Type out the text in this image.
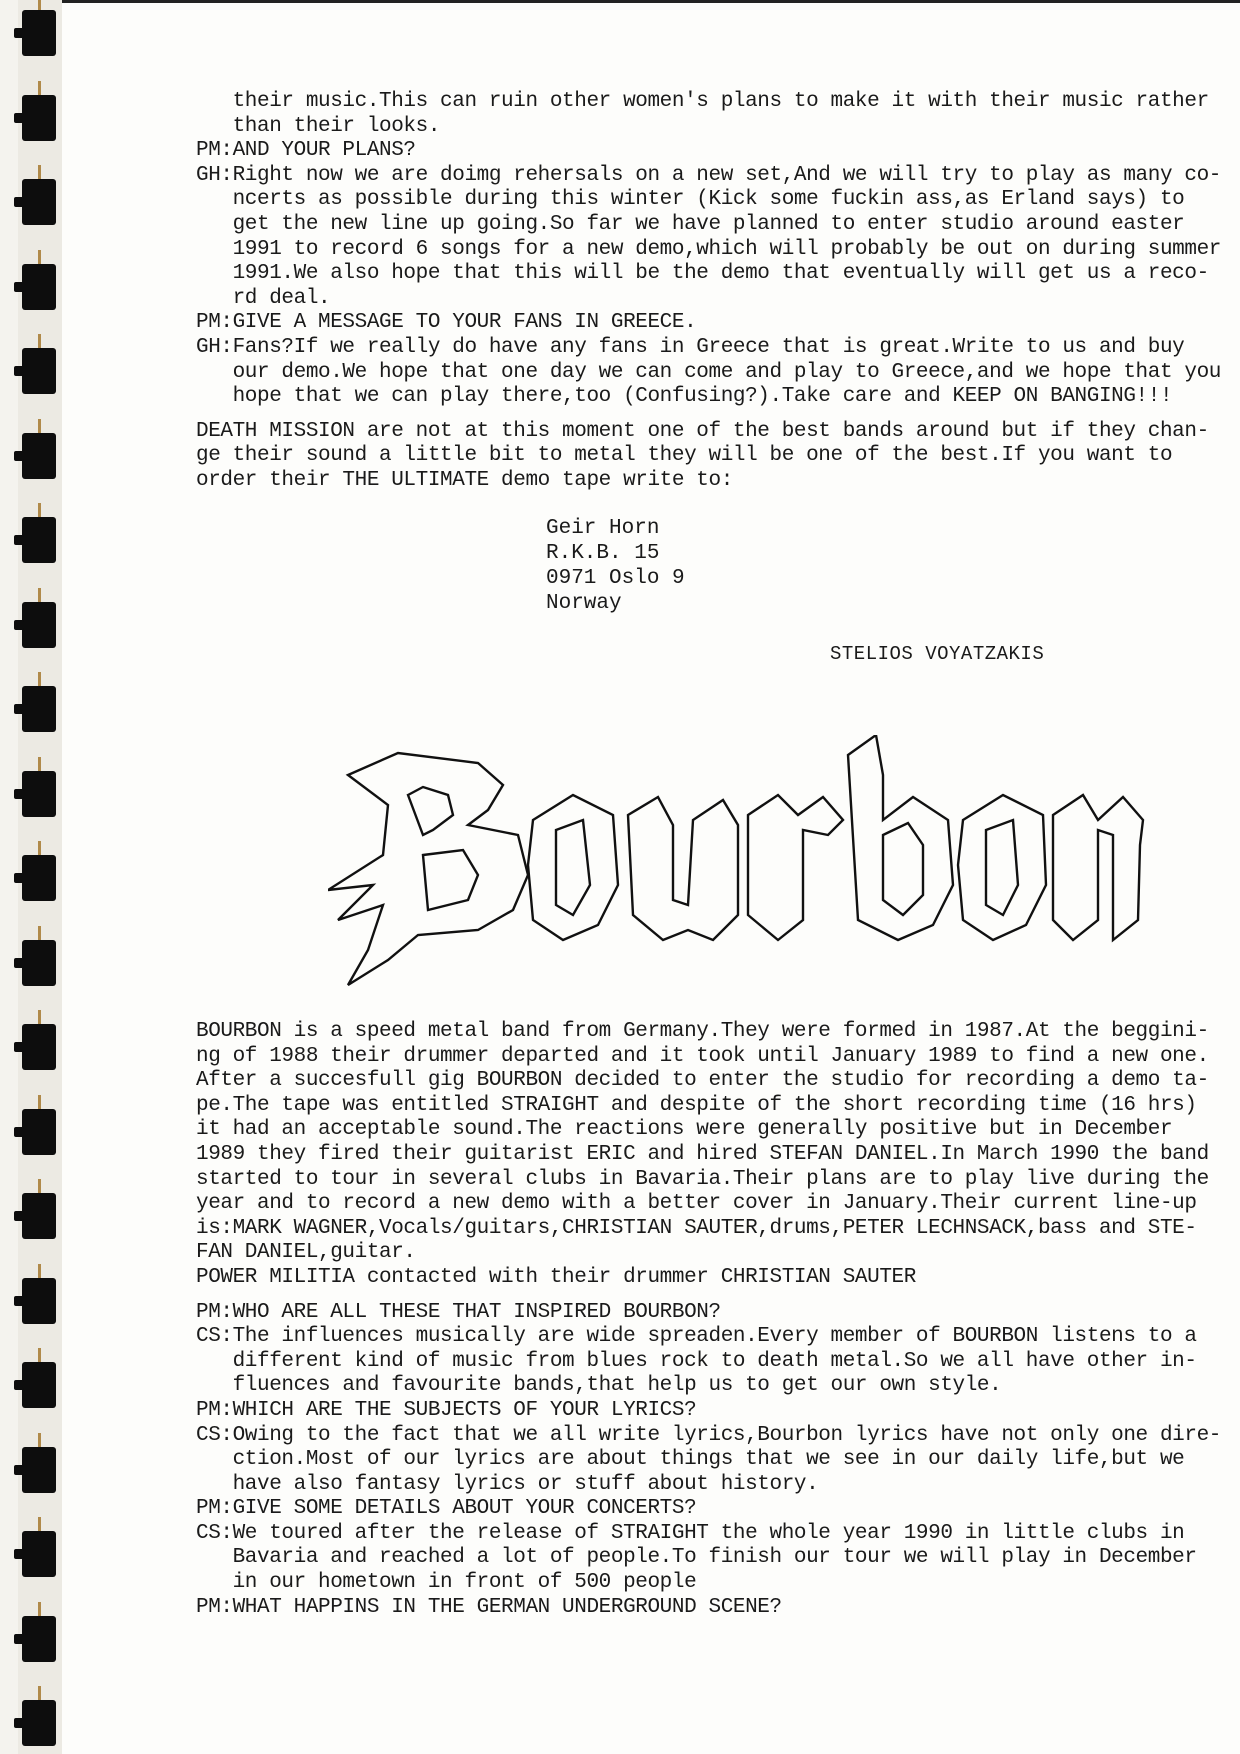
their music.This can ruin other women's plans to make it with their music rather
than their looks.
PM:AND YOUR PLANS?
GH:Right now we are doimg rehersals on a new set,And we will try to play as many co-
ncerts as possible during this winter (Kick some fuckin ass,as Erland says) to
get the new line up going.So far we have planned to enter studio around easter
1991 to record 6 songs for a new demo,which will probably be out on during summer
1991.We also hope that this will be the demo that eventually will get us a reco-
rd deal.
PM:GIVE A MESSAGE TO YOUR FANS IN GREECE.
GH:Fans?If we really do have any fans in Greece that is great.Write to us and buy
our demo.We hope that one day we can come and play to Greece,and we hope that you
hope that we can play there,too (Confusing?).Take care and KEEP ON BANGING!!!
DEATH MISSION are not at this moment one of the best bands around but if they chan-
ge their sound a little bit to metal they will be one of the best.If you want to
order their THE ULTIMATE demo tape write to:
Geir Horn
R.K.B. 15
0971 Oslo 9
Norway
STELIOS VOYATZAKIS
Bourbon
BOURBON is a speed metal band from Germany.They were formed in 1987.At the beggini-
ng of 1988 their drummer departed and it took until January 1989 to find a new one.
After a succesfull gig BOURBON decided to enter the studio for recording a demo ta-
pe.The tape was entitled STRAIGHT and despite of the short recording time (16 hrs)
it had an acceptable sound.The reactions were generally positive but in December
1989 they fired their guitarist ERIC and hired STEFAN DANIEL.In March 1990 the band
started to tour in several clubs in Bavaria.Their plans are to play live during the
year and to record a new demo with a better cover in January.Their current line-up
is:MARK WAGNER,Vocals/guitars,CHRISTIAN SAUTER,drums,PETER LECHNSACK,bass and STE-
FAN DANIEL,guitar.
POWER MILITIA contacted with their drummer CHRISTIAN SAUTER
PM:WHO ARE ALL THESE THAT INSPIRED BOURBON?
CS:The influences musically are wide spreaden.Every member of BOURBON listens to a
different kind of music from blues rock to death metal.So we all have other in-
fluences and favourite bands,that help us to get our own style.
PM:WHICH ARE THE SUBJECTS OF YOUR LYRICS?
CS:Owing to the fact that we all write lyrics,Bourbon lyrics have not only one dire-
ction.Most of our lyrics are about things that we see in our daily life,but we
have also fantasy lyrics or stuff about history.
PM:GIVE SOME DETAILS ABOUT YOUR CONCERTS?
CS:We toured after the release of STRAIGHT the whole year 1990 in little clubs in
Bavaria and reached a lot of people.To finish our tour we will play in December
in our hometown in front of 500 people
PM:WHAT HAPPINS IN THE GERMAN UNDERGROUND SCENE?
